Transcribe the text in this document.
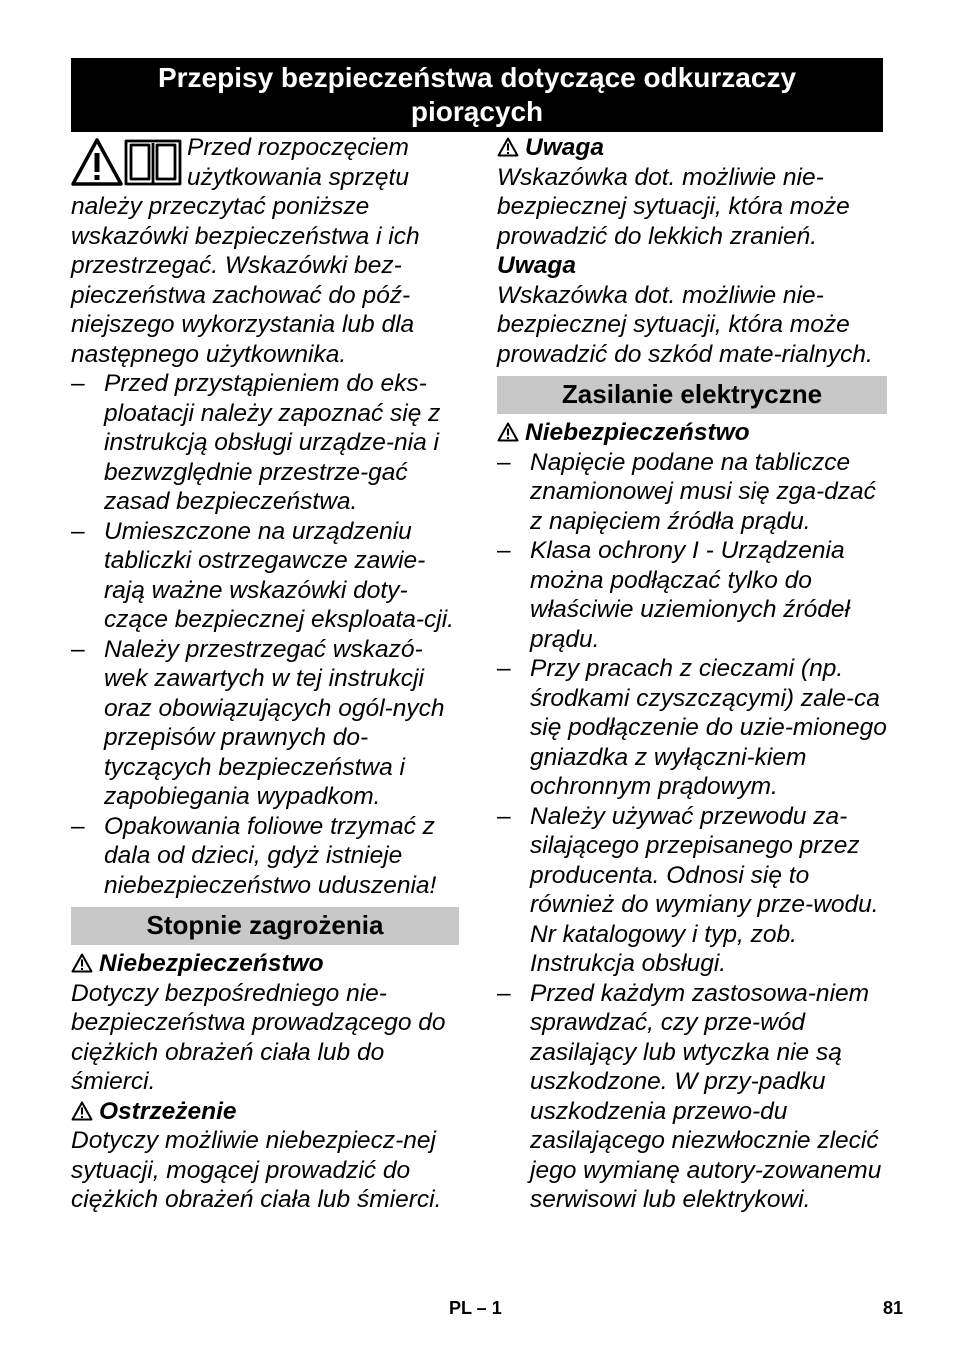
Przepisy bezpieczeństwa dotyczące odkurzaczy
piorących
Przed rozpoczęciem użytkowania sprzętu należy przeczytać poniższe wskazówki bezpieczeństwa i ich przestrzegać. Wskazówki bez-pieczeństwa zachować do póź-niejszego wykorzystania lub dla następnego użytkownika.
– Przed przystąpieniem do eks-ploatacji należy zapoznać się z instrukcją obsługi urządze-nia i bezwzględnie przestrze-gać zasad bezpieczeństwa.
– Umieszczone na urządzeniu tabliczki ostrzegawcze zawie-rają ważne wskazówki doty-czące bezpiecznej eksploata-cji.
– Należy przestrzegać wskazó-wek zawartych w tej instrukcji oraz obowiązujących ogól-nych przepisów prawnych do-tyczących bezpieczeństwa i zapobiegania wypadkom.
– Opakowania foliowe trzymać z dala od dzieci, gdyż istnieje niebezpieczeństwo uduszenia!
Stopnie zagrożenia
Niebezpieczeństwo
Dotyczy bezpośredniego nie-bezpieczeństwa prowadzącego do ciężkich obrażeń ciała lub do śmierci.
Ostrzeżenie
Dotyczy możliwie niebezpiecz-nej sytuacji, mogącej prowadzić do ciężkich obrażeń ciała lub śmierci.
Uwaga
Wskazówka dot. możliwie nie-bezpiecznej sytuacji, która może prowadzić do lekkich zranień.
Uwaga
Wskazówka dot. możliwie nie-bezpiecznej sytuacji, która może prowadzić do szkód mate-rialnych.
Zasilanie elektryczne
Niebezpieczeństwo
– Napięcie podane na tabliczce znamionowej musi się zga-dzać z napięciem źródła prądu.
– Klasa ochrony I - Urządzenia można podłączać tylko do właściwie uziemionych źródeł prądu.
– Przy pracach z cieczami (np. środkami czyszczącymi) zale-ca się podłączenie do uzie-mionego gniazdka z wyłączni-kiem ochronnym prądowym.
– Należy używać przewodu za-silającego przepisanego przez producenta. Odnosi się to również do wymiany prze-wodu. Nr katalogowy i typ, zob. Instrukcja obsługi.
– Przed każdym zastosowa-niem sprawdzać, czy prze-wód zasilający lub wtyczka nie są uszkodzone. W przy-padku uszkodzenia przewo-du zasilającego niezwłocznie zlecić jego wymianę autory-zowanemu serwisowi lub elektrykowi.
PL – 1	81
